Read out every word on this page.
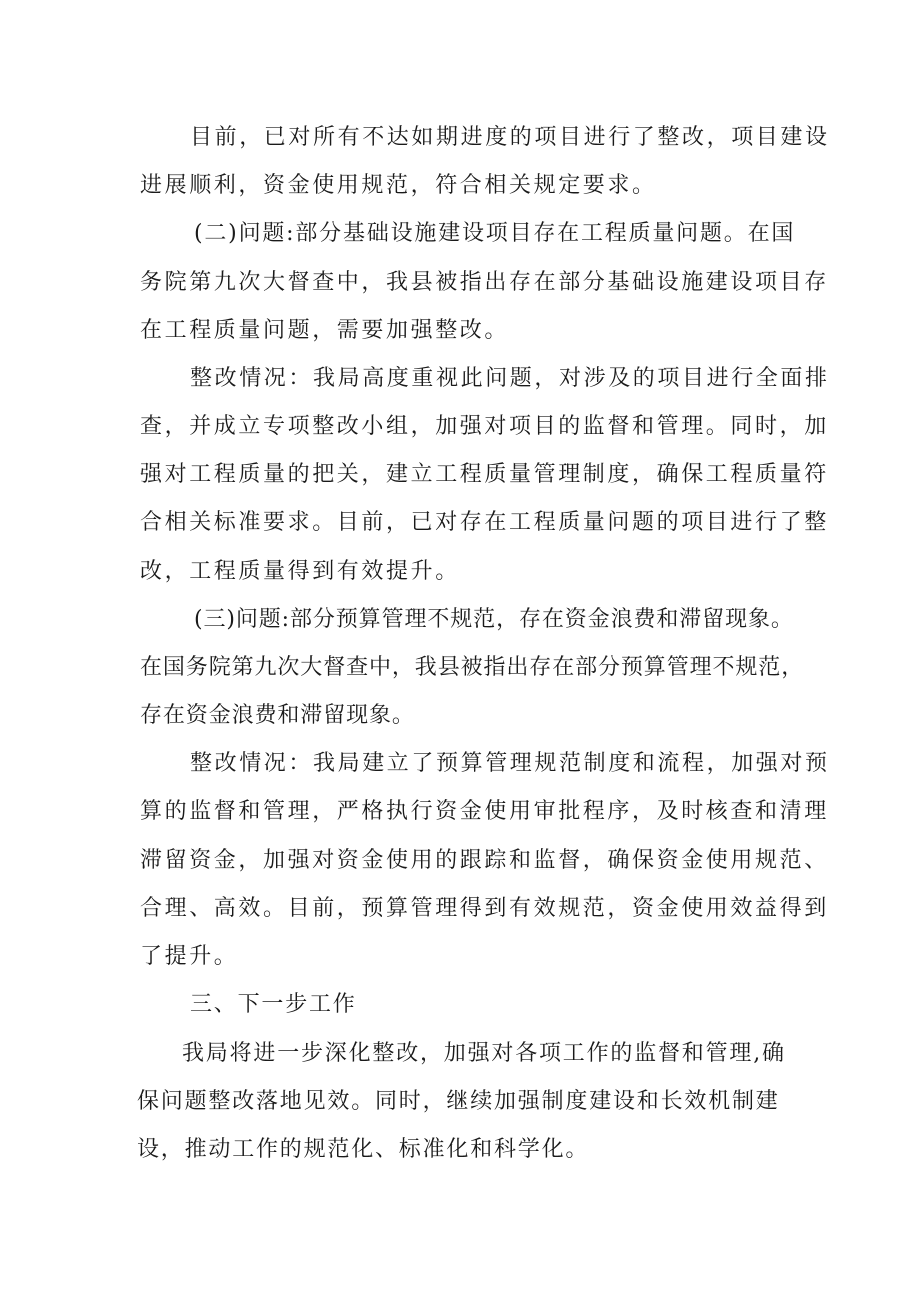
目前，已对所有不达如期进度的项目进行了整改，项目建设
进展顺利，资金使用规范，符合相关规定要求。
(二)问题:部分基础设施建设项目存在工程质量问题。在国
务院第九次大督查中，我县被指出存在部分基础设施建设项目存
在工程质量问题，需要加强整改。
整改情况：我局高度重视此问题，对涉及的项目进行全面排
查，并成立专项整改小组，加强对项目的监督和管理。同时，加
强对工程质量的把关，建立工程质量管理制度，确保工程质量符
合相关标准要求。目前，已对存在工程质量问题的项目进行了整
改，工程质量得到有效提升。
(三)问题:部分预算管理不规范，存在资金浪费和滞留现象。
在国务院第九次大督查中，我县被指出存在部分预算管理不规范，
存在资金浪费和滞留现象。
整改情况：我局建立了预算管理规范制度和流程，加强对预
算的监督和管理，严格执行资金使用审批程序，及时核查和清理
滞留资金，加强对资金使用的跟踪和监督，确保资金使用规范、
合理、高效。目前，预算管理得到有效规范，资金使用效益得到
了提升。
三、下一步工作
我局将进一步深化整改，加强对各项工作的监督和管理,确
保问题整改落地见效。同时，继续加强制度建设和长效机制建
设，推动工作的规范化、标准化和科学化。
